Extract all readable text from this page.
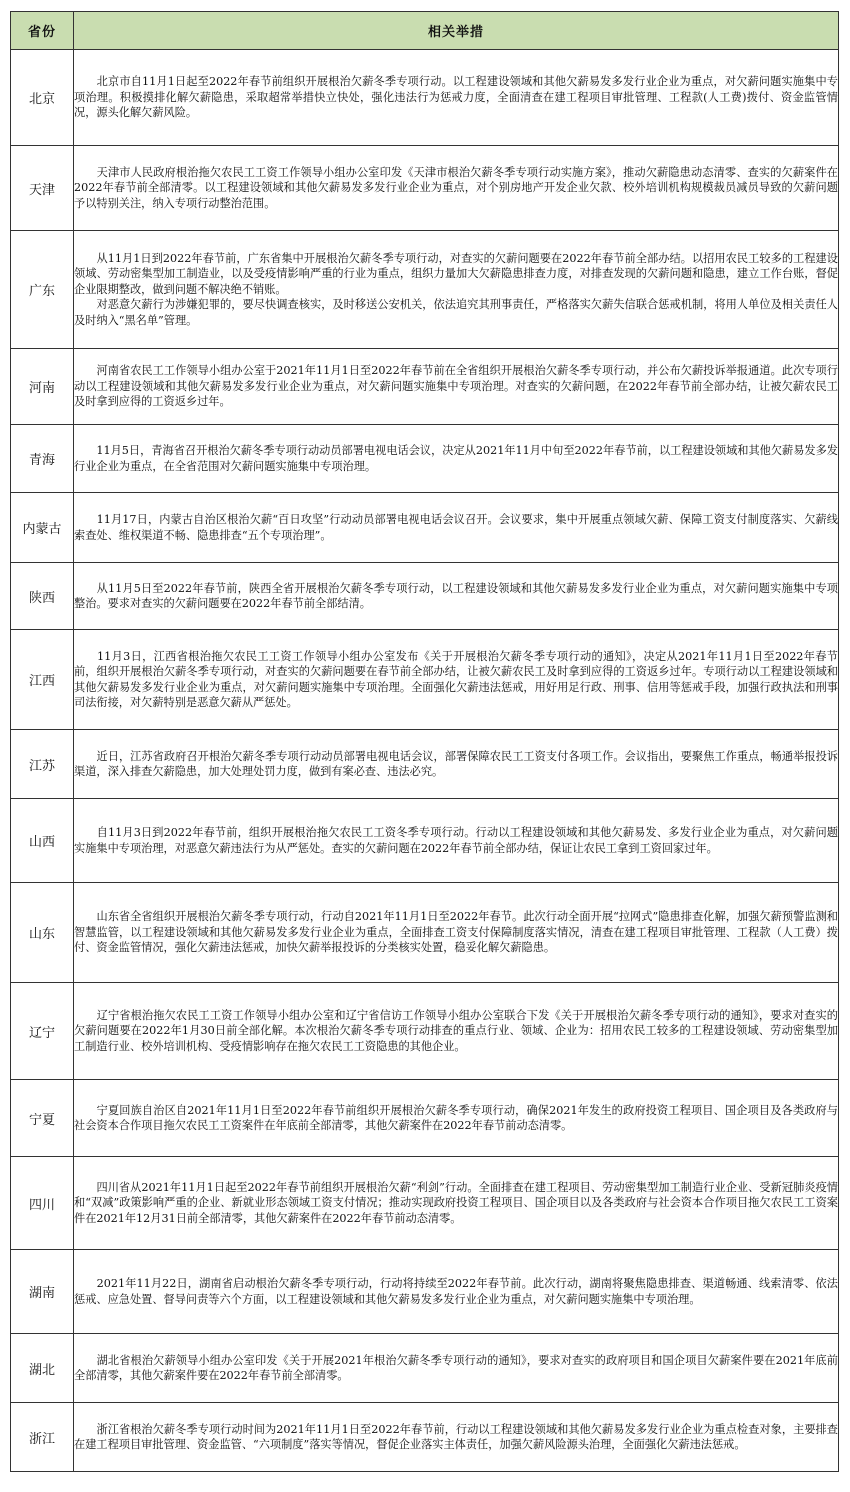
省份	相关举措
北京	　　北京市自11月1日起至2022年春节前组织开展根治欠薪冬季专项行动。以工程建设领域和其他欠薪易发多发行业企业为重点，对欠薪问题实施集中专项治理。积极摸排化解欠薪隐患，采取超常举措快立快处，强化违法行为惩戒力度，全面清查在建工程项目审批管理、工程款(人工费)拨付、资金监管情况，源头化解欠薪风险。
天津	　　天津市人民政府根治拖欠农民工工资工作领导小组办公室印发《天津市根治欠薪冬季专项行动实施方案》，推动欠薪隐患动态清零、查实的欠薪案件在2022年春节前全部清零。以工程建设领域和其他欠薪易发多发行业企业为重点，对个别房地产开发企业欠款、校外培训机构规模裁员减员导致的欠薪问题予以特别关注，纳入专项行动整治范围。
广东	　　从11月1日到2022年春节前，广东省集中开展根治欠薪冬季专项行动，对查实的欠薪问题要在2022年春节前全部办结。以招用农民工较多的工程建设领域、劳动密集型加工制造业，以及受疫情影响严重的行业为重点，组织力量加大欠薪隐患排查力度，对排查发现的欠薪问题和隐患，建立工作台账，督促企业限期整改，做到问题不解决绝不销账。
　　对恶意欠薪行为涉嫌犯罪的，要尽快调查核实，及时移送公安机关，依法追究其刑事责任，严格落实欠薪失信联合惩戒机制，将用人单位及相关责任人及时纳入“黑名单”管理。
河南	　　河南省农民工工作领导小组办公室于2021年11月1日至2022年春节前在全省组织开展根治欠薪冬季专项行动，并公布欠薪投诉举报通道。此次专项行动以工程建设领域和其他欠薪易发多发行业企业为重点，对欠薪问题实施集中专项治理。对查实的欠薪问题，在2022年春节前全部办结，让被欠薪农民工及时拿到应得的工资返乡过年。
青海	　　11月5日，青海省召开根治欠薪冬季专项行动动员部署电视电话会议，决定从2021年11月中旬至2022年春节前，以工程建设领域和其他欠薪易发多发行业企业为重点，在全省范围对欠薪问题实施集中专项治理。
内蒙古	　　11月17日，内蒙古自治区根治欠薪“百日攻坚”行动动员部署电视电话会议召开。会议要求，集中开展重点领域欠薪、保障工资支付制度落实、欠薪线索查处、维权渠道不畅、隐患排查“五个专项治理”。
陕西	　　从11月5日至2022年春节前，陕西全省开展根治欠薪冬季专项行动，以工程建设领域和其他欠薪易发多发行业企业为重点，对欠薪问题实施集中专项整治。要求对查实的欠薪问题要在2022年春节前全部结清。
江西	　　11月3日，江西省根治拖欠农民工工资工作领导小组办公室发布《关于开展根治欠薪冬季专项行动的通知》，决定从2021年11月1日至2022年春节前，组织开展根治欠薪冬季专项行动，对查实的欠薪问题要在春节前全部办结，让被欠薪农民工及时拿到应得的工资返乡过年。专项行动以工程建设领域和其他欠薪易发多发行业企业为重点，对欠薪问题实施集中专项治理。全面强化欠薪违法惩戒，用好用足行政、刑事、信用等惩戒手段，加强行政执法和刑事司法衔接，对欠薪特别是恶意欠薪从严惩处。
江苏	　　近日，江苏省政府召开根治欠薪冬季专项行动动员部署电视电话会议，部署保障农民工工资支付各项工作。会议指出，要聚焦工作重点，畅通举报投诉渠道，深入排查欠薪隐患，加大处理处罚力度，做到有案必查、违法必究。
山西	　　自11月3日到2022年春节前，组织开展根治拖欠农民工工资冬季专项行动。行动以工程建设领域和其他欠薪易发、多发行业企业为重点，对欠薪问题实施集中专项治理，对恶意欠薪违法行为从严惩处。查实的欠薪问题在2022年春节前全部办结，保证让农民工拿到工资回家过年。
山东	　　山东省全省组织开展根治欠薪冬季专项行动，行动自2021年11月1日至2022年春节。此次行动全面开展“拉网式”隐患排查化解，加强欠薪预警监测和智慧监管，以工程建设领域和其他欠薪易发多发行业企业为重点，全面排查工资支付保障制度落实情况，清查在建工程项目审批管理、工程款（人工费）拨付、资金监管情况，强化欠薪违法惩戒，加快欠薪举报投诉的分类核实处置，稳妥化解欠薪隐患。
辽宁	　　辽宁省根治拖欠农民工工资工作领导小组办公室和辽宁省信访工作领导小组办公室联合下发《关于开展根治欠薪冬季专项行动的通知》，要求对查实的欠薪问题要在2022年1月30日前全部化解。本次根治欠薪冬季专项行动排查的重点行业、领域、企业为：招用农民工较多的工程建设领域、劳动密集型加工制造行业、校外培训机构、受疫情影响存在拖欠农民工工资隐患的其他企业。
宁夏	　　宁夏回族自治区自2021年11月1日至2022年春节前组织开展根治欠薪冬季专项行动，确保2021年发生的政府投资工程项目、国企项目及各类政府与社会资本合作项目拖欠农民工工资案件在年底前全部清零，其他欠薪案件在2022年春节前动态清零。
四川	　　四川省从2021年11月1日起至2022年春节前组织开展根治欠薪“利剑”行动。全面排查在建工程项目、劳动密集型加工制造行业企业、受新冠肺炎疫情和“双减”政策影响严重的企业、新就业形态领域工资支付情况；推动实现政府投资工程项目、国企项目以及各类政府与社会资本合作项目拖欠农民工工资案件在2021年12月31日前全部清零，其他欠薪案件在2022年春节前动态清零。
湖南	　　2021年11月22日，湖南省启动根治欠薪冬季专项行动，行动将持续至2022年春节前。此次行动，湖南将聚焦隐患排查、渠道畅通、线索清零、依法惩戒、应急处置、督导问责等六个方面，以工程建设领域和其他欠薪易发多发行业企业为重点，对欠薪问题实施集中专项治理。
湖北	　　湖北省根治欠薪领导小组办公室印发《关于开展2021年根治欠薪冬季专项行动的通知》，要求对查实的政府项目和国企项目欠薪案件要在2021年底前全部清零，其他欠薪案件要在2022年春节前全部清零。
浙江	　　浙江省根治欠薪冬季专项行动时间为2021年11月1日至2022年春节前，行动以工程建设领域和其他欠薪易发多发行业企业为重点检查对象，主要排查在建工程项目审批管理、资金监管、“六项制度”落实等情况，督促企业落实主体责任，加强欠薪风险源头治理，全面强化欠薪违法惩戒。
